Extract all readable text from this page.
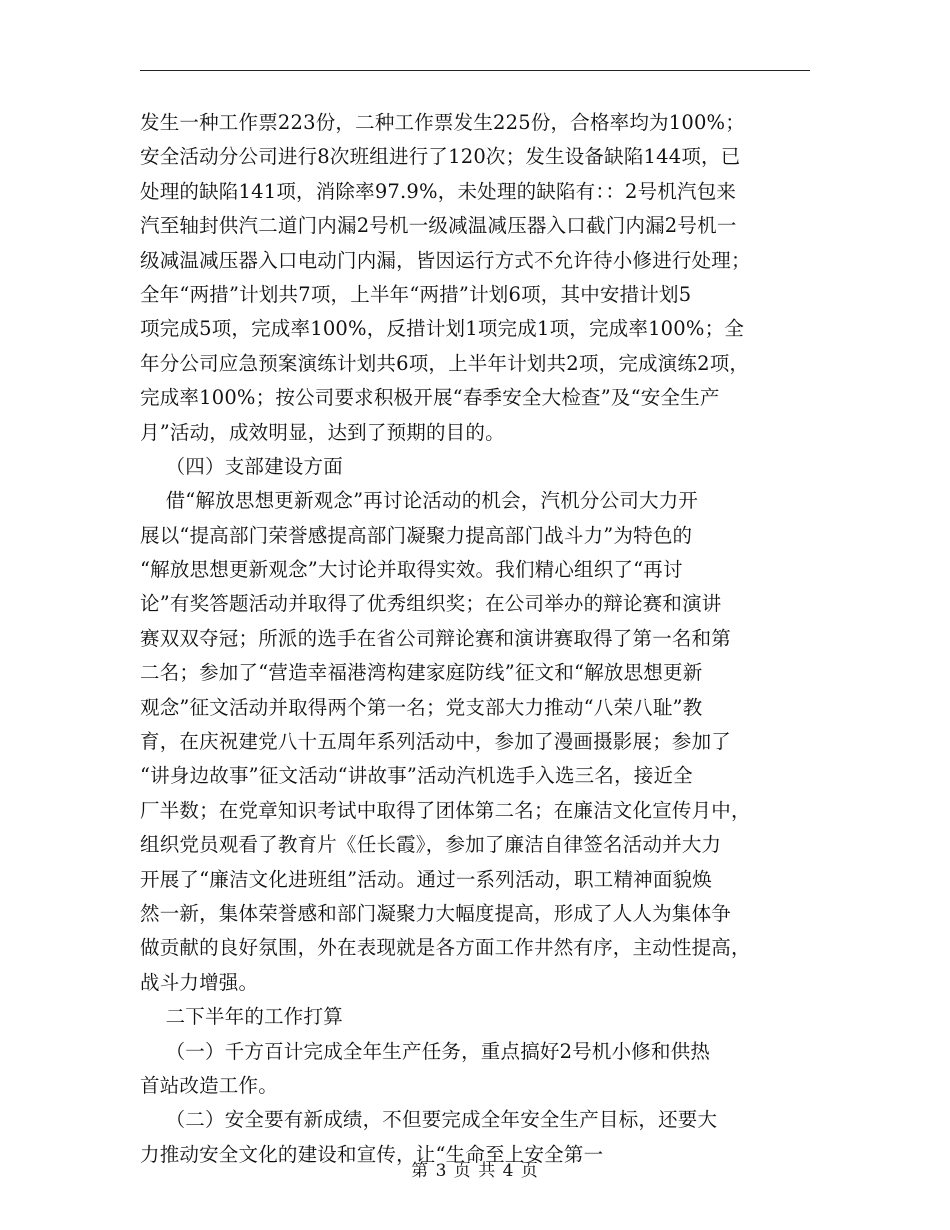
发生一种工作票223份，二种工作票发生225份，合格率均为100%；
安全活动分公司进行8次班组进行了120次；发生设备缺陷144项，已
处理的缺陷141项，消除率97.9%，未处理的缺陷有：：2号机汽包来
汽至轴封供汽二道门内漏2号机一级减温减压器入口截门内漏2号机一
级减温减压器入口电动门内漏，皆因运行方式不允许待小修进行处理；
全年“两措”计划共7项，上半年“两措”计划6项，其中安措计划5
项完成5项，完成率100%，反措计划1项完成1项，完成率100%；全
年分公司应急预案演练计划共6项，上半年计划共2项，完成演练2项，
完成率100%；按公司要求积极开展“春季安全大检查”及“安全生产
月”活动，成效明显，达到了预期的目的。
（四）支部建设方面
借“解放思想更新观念”再讨论活动的机会，汽机分公司大力开
展以“提高部门荣誉感提高部门凝聚力提高部门战斗力”为特色的
“解放思想更新观念”大讨论并取得实效。我们精心组织了“再讨
论”有奖答题活动并取得了优秀组织奖；在公司举办的辩论赛和演讲
赛双双夺冠；所派的选手在省公司辩论赛和演讲赛取得了第一名和第
二名；参加了“营造幸福港湾构建家庭防线”征文和“解放思想更新
观念”征文活动并取得两个第一名；党支部大力推动“八荣八耻”教
育，在庆祝建党八十五周年系列活动中，参加了漫画摄影展；参加了
“讲身边故事”征文活动“讲故事”活动汽机选手入选三名，接近全
厂半数；在党章知识考试中取得了团体第二名；在廉洁文化宣传月中，
组织党员观看了教育片《任长霞》，参加了廉洁自律签名活动并大力
开展了“廉洁文化进班组”活动。通过一系列活动，职工精神面貌焕
然一新，集体荣誉感和部门凝聚力大幅度提高，形成了人人为集体争
做贡献的良好氛围，外在表现就是各方面工作井然有序，主动性提高，
战斗力增强。
二下半年的工作打算
（一）千方百计完成全年生产任务，重点搞好2号机小修和供热
首站改造工作。
（二）安全要有新成绩，不但要完成全年安全生产目标，还要大
力推动安全文化的建设和宣传，让“生命至上安全第一
第 3 页 共 4 页
